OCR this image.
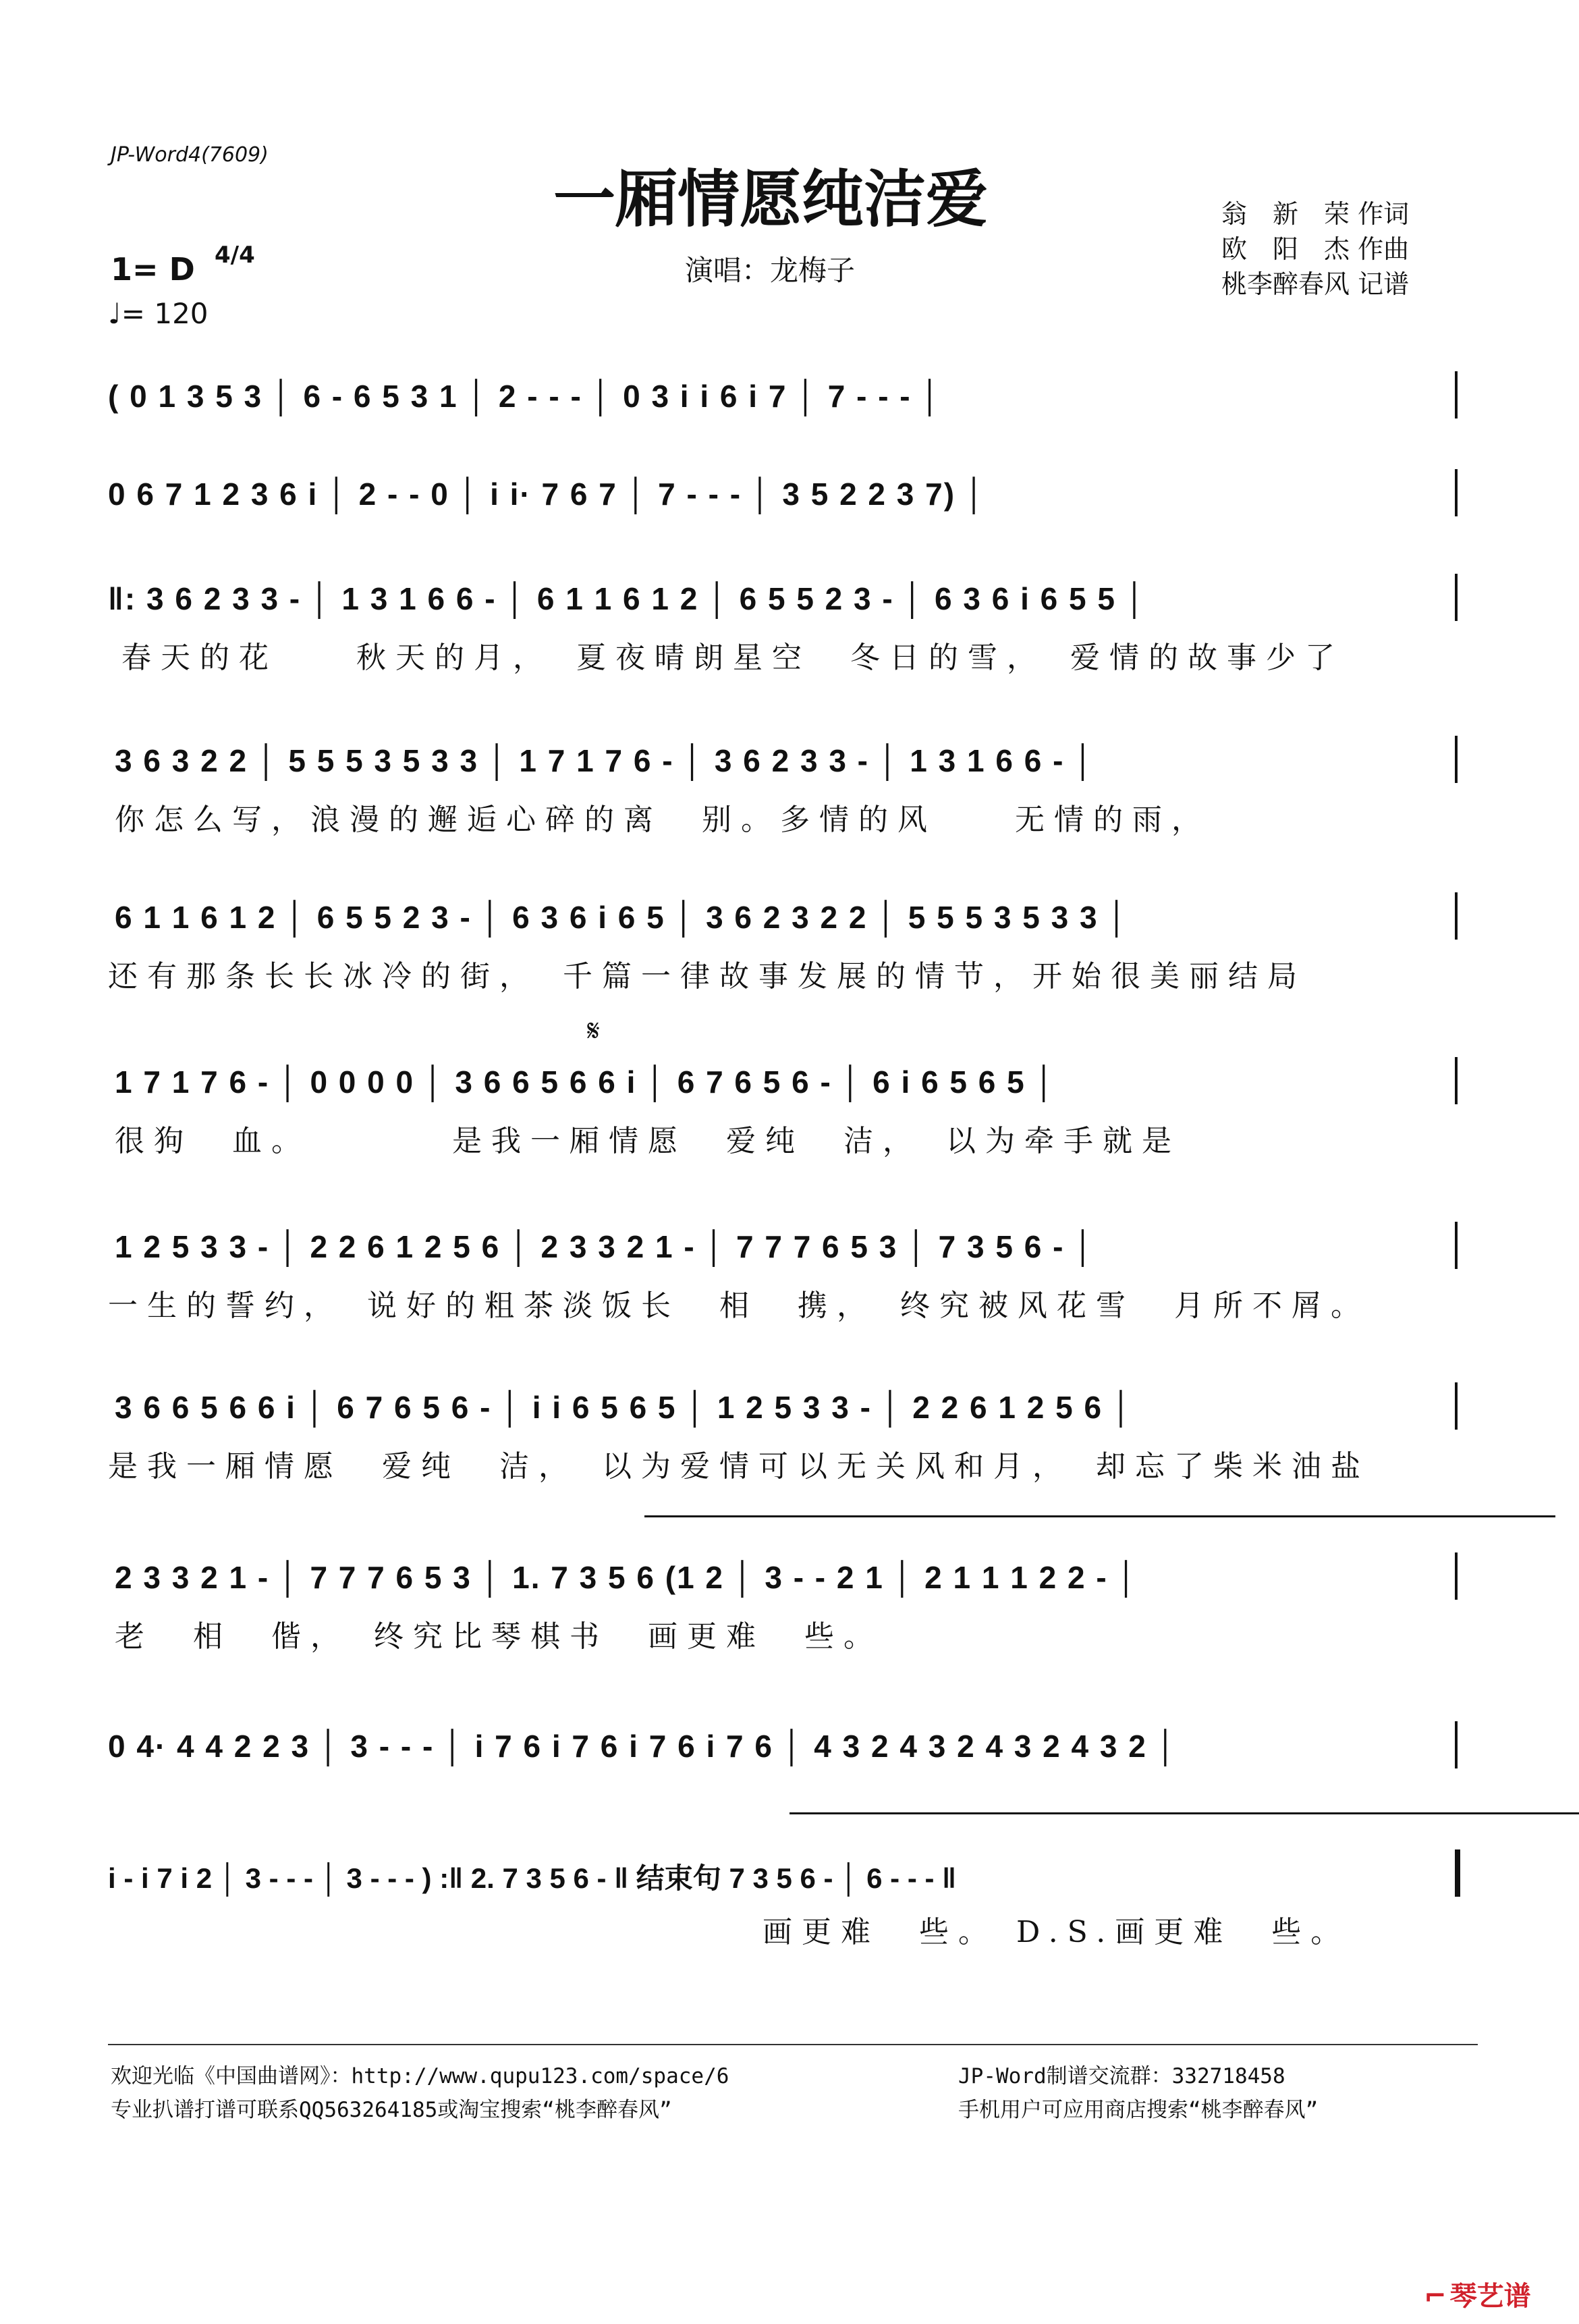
JP-Word4(7609)
一厢情愿纯洁爱
演唱：龙梅子
1= D 4/4
♩= 120
翁　新　荣 作词
欧　阳　杰 作曲
桃李醉春风 记谱
( 0 1 3 5 3 │ 6 - 6 5 3 1 │ 2 - - - │ 0 3 i i 6 i 7 │ 7 - - - │
0 6 7 1 2 3 6 i │ 2 - - 0 │ i i· 7 6 7 │ 7 - - - │ 3 5 2 2 3 7) │
‖: 3 6 2 3 3 - │ 1 3 1 6 6 - │ 6 1 1 6 1 2 │ 6 5 5 2 3 - │ 6 3 6 i 6 5 5 │
春天的花　　秋天的月，　夏夜晴朗星空　冬日的雪，　爱情的故事少了
3 6 3 2 2 │ 5 5 5 3 5 3 3 │ 1 7 1 7 6 - │ 3 6 2 3 3 - │ 1 3 1 6 6 - │
你怎么写，浪漫的邂逅心碎的离　别。多情的风　　无情的雨，
6 1 1 6 1 2 │ 6 5 5 2 3 - │ 6 3 6 i 6 5 │ 3 6 2 3 2 2 │ 5 5 5 3 5 3 3 │
还有那条长长冰冷的街，　千篇一律故事发展的情节，开始很美丽结局
𝄋
1 7 1 7 6 - │ 0 0 0 0 │ 3 6 6 5 6 6 i │ 6 7 6 5 6 - │ 6 i 6 5 6 5 │
很狗　血。　　　　是我一厢情愿　爱纯　洁，　以为牵手就是
1 2 5 3 3 - │ 2 2 6 1 2 5 6 │ 2 3 3 2 1 - │ 7 7 7 6 5 3 │ 7 3 5 6 - │
一生的誓约，　说好的粗茶淡饭长　相　携，　终究被风花雪　月所不屑。
3 6 6 5 6 6 i │ 6 7 6 5 6 - │ i i 6 5 6 5 │ 1 2 5 3 3 - │ 2 2 6 1 2 5 6 │
是我一厢情愿　爱纯　洁，　以为爱情可以无关风和月，　却忘了柴米油盐
2 3 3 2 1 - │ 7 7 7 6 5 3 │ 1. 7 3 5 6 (1 2 │ 3 - - 2 1 │ 2 1 1 1 2 2 - │
老　相　偕，　终究比琴棋书　画更难　些。
0 4· 4 4 2 2 3 │ 3 - - - │ i 7 6 i 7 6 i 7 6 i 7 6 │ 4 3 2 4 3 2 4 3 2 4 3 2 │
i - i 7 i 2 │ 3 - - - │ 3 - - - ) :‖ 2. 7 3 5 6 - ‖ 结束句 7 3 5 6 - │ 6 - - - ‖
画更难　些。 D.S.画更难　些。
欢迎光临《中国曲谱网》：http://www.qupu123.com/space/6
专业扒谱打谱可联系QQ563264185或淘宝搜索“桃李醉春风”
JP-Word制谱交流群：332718458
手机用户可应用商店搜索“桃李醉春风”
⌐ 琴艺谱
